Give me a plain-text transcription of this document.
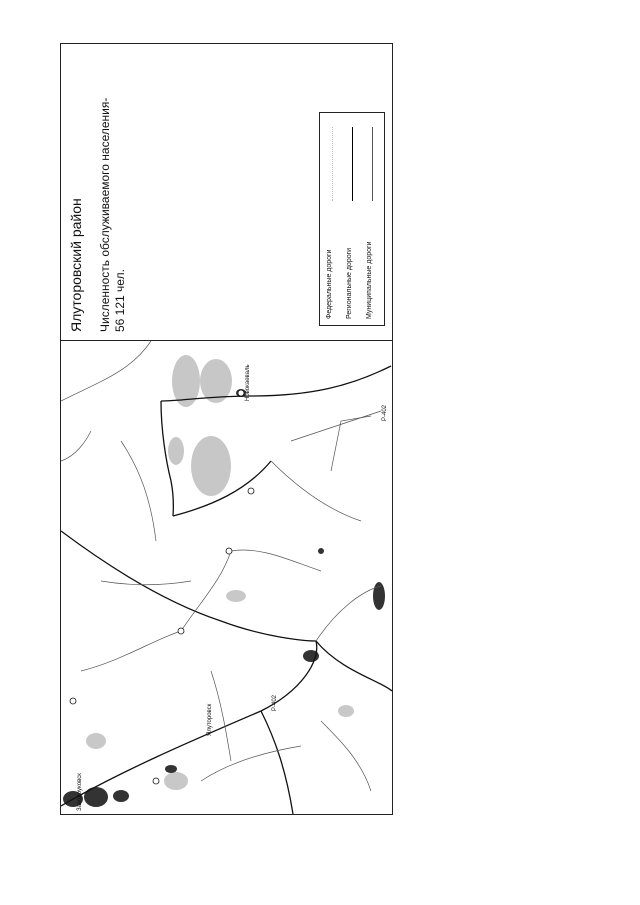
Ялуторовск
Р-402
Р-402
Заводоуковск
Новокаеваль
Ялуторовский район Численность обслуживаемого населения- 56 121 чел.	Федеральные дороги Региональные дороги Муниципальные дороги
